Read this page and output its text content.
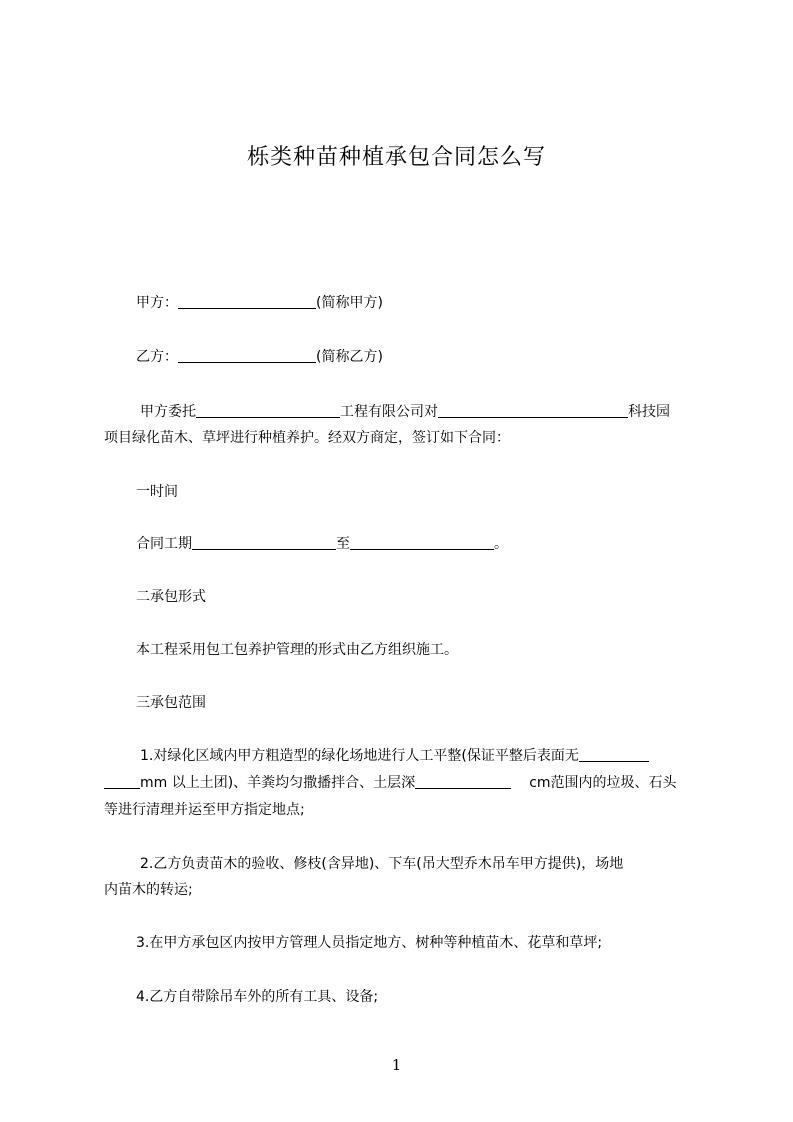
栎类种苗种植承包合同怎么写
甲方：	(简称甲方)
乙方：	(简称乙方)
甲方委托	工程有限公司对	科技园
项目绿化苗木、草坪进行种植养护。经双方商定，签订如下合同：
一时间
合同工期	至	。
二承包形式
本工程采用包工包养护管理的形式由乙方组织施工。
三承包范围
1.对绿化区域内甲方粗造型的绿化场地进行人工平整(保证平整后表面无
mm 以上土团)、羊粪均匀撒播拌合、土层深	cm范围内的垃圾、石头
等进行清理并运至甲方指定地点;
2.乙方负责苗木的验收、修枝(含异地)、下车(吊大型乔木吊车甲方提供)，场地
内苗木的转运;
3.在甲方承包区内按甲方管理人员指定地方、树种等种植苗木、花草和草坪;
4.乙方自带除吊车外的所有工具、设备;
1
